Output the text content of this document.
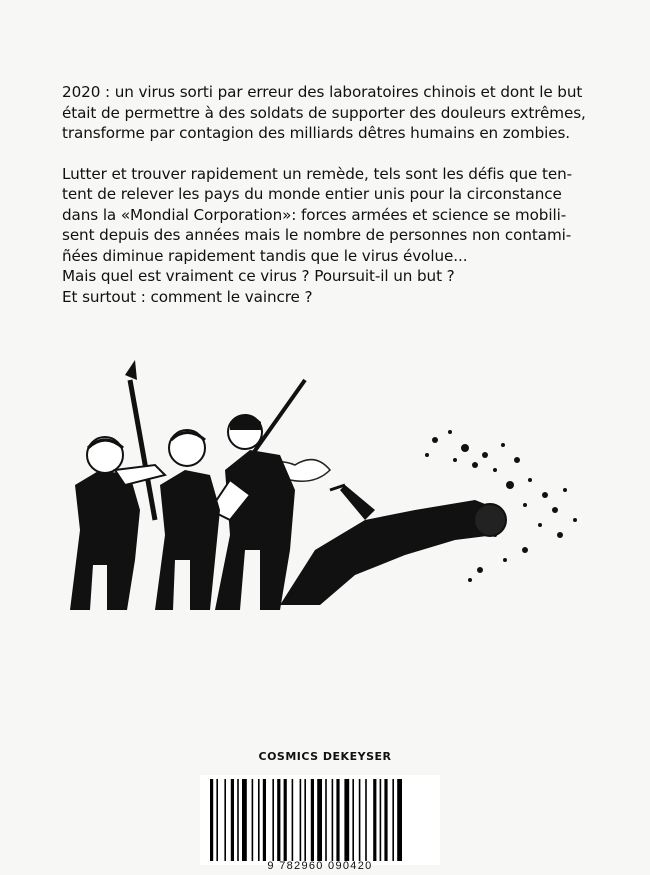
2020 : un virus sorti par erreur des laboratoires chinois et dont le but
était de permettre à des soldats de supporter des douleurs extrêmes,
transforme par contagion des milliards dêtres humains en zombies.

Lutter et trouver rapidement un remède, tels sont les défis que ten-
tent de relever les pays du monde entier unis pour la circonstance
dans la «Mondial Corporation»: forces armées et science se mobili-
sent depuis des années mais le nombre de personnes non contami-
ñées diminue rapidement tandis que le virus évolue...
Mais quel est vraiment ce virus ? Poursuit-il un but ?
Et surtout : comment le vaincre ?

COSMICS DEKEYSER
9 782960 090420
